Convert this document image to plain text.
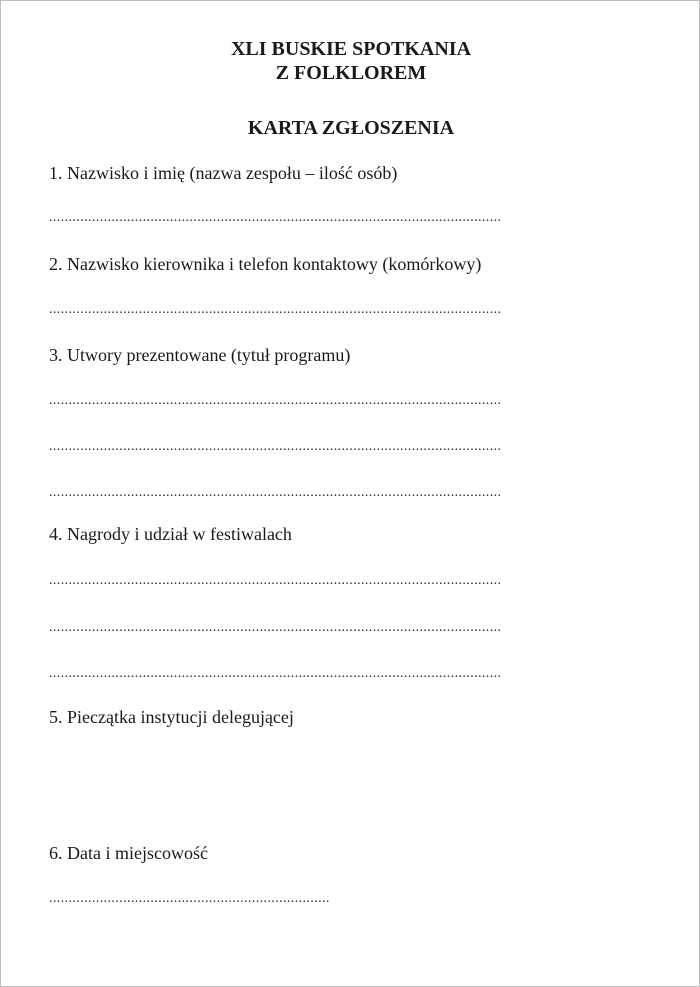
XLI BUSKIE SPOTKANIA
Z FOLKLOREM
KARTA ZGŁOSZENIA

1. Nazwisko i imię (nazwa zespołu – ilość osób)

....................................................................................................................

2. Nazwisko kierownika i telefon kontaktowy (komórkowy)

....................................................................................................................

3. Utwory prezentowane (tytuł programu)

....................................................................................................................
....................................................................................................................
....................................................................................................................

4. Nagrody i udział w festiwalach

....................................................................................................................
....................................................................................................................
....................................................................................................................

5. Pieczątka instytucji delegującej

6. Data i miejscowość

........................................................................
